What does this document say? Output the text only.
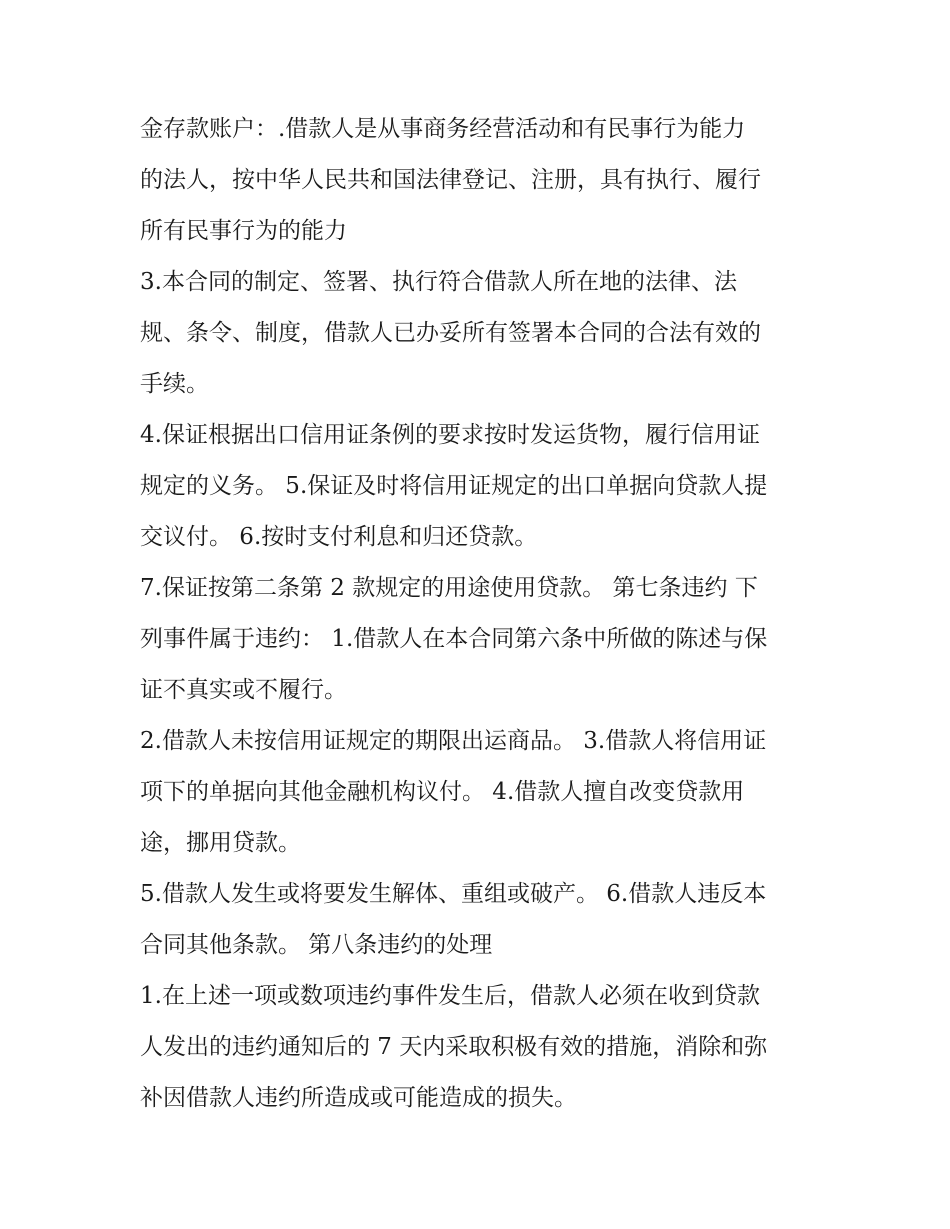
金存款账户：.借款人是从事商务经营活动和有民事行为能力
的法人，按中华人民共和国法律登记、注册，具有执行、履行
所有民事行为的能力
3.本合同的制定、签署、执行符合借款人所在地的法律、法
规、条令、制度，借款人已办妥所有签署本合同的合法有效的
手续。
4.保证根据出口信用证条例的要求按时发运货物，履行信用证
规定的义务。 5.保证及时将信用证规定的出口单据向贷款人提
交议付。 6.按时支付利息和归还贷款。
7.保证按第二条第 2 款规定的用途使用贷款。 第七条违约 下
列事件属于违约： 1.借款人在本合同第六条中所做的陈述与保
证不真实或不履行。
2.借款人未按信用证规定的期限出运商品。 3.借款人将信用证
项下的单据向其他金融机构议付。 4.借款人擅自改变贷款用
途，挪用贷款。
5.借款人发生或将要发生解体、重组或破产。 6.借款人违反本
合同其他条款。 第八条违约的处理
1.在上述一项或数项违约事件发生后，借款人必须在收到贷款
人发出的违约通知后的 7 天内采取积极有效的措施，消除和弥
补因借款人违约所造成或可能造成的损失。
